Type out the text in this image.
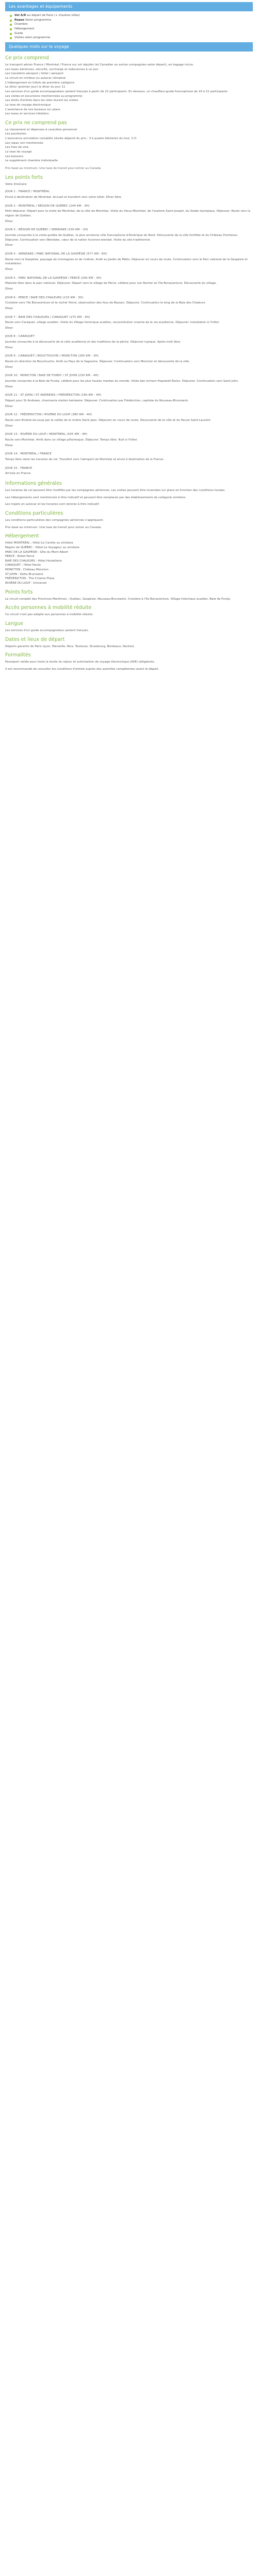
Les avantages et équipements
Vol A/R au départ de Paris (+ d'autres villes)
Repas Selon programme
Chambre
Hébergement
Guide
Visites selon programme
Quelques mots sur le voyage
Ce prix comprend
Le transport aérien France / Montréal / France sur vol régulier (et Canadian ou autres compagnies selon départ), en bagage inclus.
Les taxes aériennes, sécurité, surcharge et redevances à ce jour
Les transferts aéroport / hôtel / aéroport
Le circuit en minibus ou autocar climatisé
L'hébergement en hôtels de première catégorie
Le dîner (premier jour) le dîner du jour 11
Les services d'un guide accompagnateur parlant français à partir de 22 participants. En dessous, un chauffeur-guide francophone de 16 à 21 participants
Les visites et excursions mentionnées au programme
Les droits d'entrée dans les sites durant les visites
La taxe de voyage électronique
L'assistance de nos bureaux sur place
Les taxes et services hôteliers
Ce prix ne comprend pas
Le classement et dépenses à caractère personnel
Les pourboires
L'assurance annulation complète (durée dépend du prix : 3 à quatre éléments du tour, h.f)
Les repas non mentionnés
Les frais de visa
La taxe de voyage
Les boissons
Le supplément chambre individuelle

Prix basé au minimum. Une taxe de transit pour entrer au Canada

Les points forts

Votre itinéraire

JOUR 1 : FRANCE / MONTRÉAL
Envol à destination de Montréal. Accueil et transfert vers votre hôtel. Dîner libre.
JOUR 2 : MONTRÉAL / RÉGION DE QUÉBEC (244 KM - 3H)
Petit déjeuner. Départ pour la visite de Montréal, de la ville de Montréal. Visite du Vieux-Montréal, de l'oratoire Saint-Joseph, du Stade olympique. Déjeuner. Route vers la région de Québec.
Dîner
JOUR 3 : RÉGION DE QUÉBEC / WENDAKE (100 KM - 2H)
Journée consacrée à la visite guidée de Québec, la plus ancienne ville francophone d'Amérique du Nord. Découverte de la ville fortifiée et du Château Frontenac. Déjeuner. Continuation vers Wendake, cœur de la nation huronne-wendat. Visite du site traditionnel.
Dîner
JOUR 4 : WENDAKE / PARC NATIONAL DE LA GASPÉSIE (577 KM - 6H)
Route vers la Gaspésie, paysage de montagnes et de rivières. Arrêt au Jardin de Métis. Déjeuner en cours de route. Continuation vers le Parc national de la Gaspésie et installation.
Dîner
JOUR 5 : PARC NATIONAL DE LA GASPÉSIE / PERCÉ (290 KM - 3H)
Matinée libre dans le parc national. Déjeuner. Départ vers le village de Percé, célèbre pour son Rocher et l'île Bonaventure. Découverte du village.
Dîner
JOUR 6 : PERCÉ / BAIE DES CHALEURS (215 KM - 3H)
Croisière vers l'île Bonaventure et le rocher Percé, observation des fous de Bassan. Déjeuner. Continuation le long de la Baie des Chaleurs.
Dîner
JOUR 7 : BAIE DES CHALEURS / CARAQUET (275 KM - 3H)
Route vers Caraquet, village acadien. Visite du Village historique acadien, reconstitution vivante de la vie acadienne. Déjeuner. Installation à l'hôtel.
Dîner
JOUR 8 : CARAQUET
Journée consacrée à la découverte de la côte acadienne et des traditions de la pêche. Déjeuner typique. Après-midi libre.
Dîner
JOUR 9 : CARAQUET / BOUCTOUCHE / MONCTON (265 KM - 3H)
Route en direction de Bouctouche. Arrêt au Pays de la Sagouine. Déjeuner. Continuation vers Moncton et découverte de la ville.
Dîner
JOUR 10 : MONCTON / BAIE DE FUNDY / ST JOHN (230 KM - 4H)
Journée consacrée à la Baie de Fundy, célèbre pour les plus hautes marées du monde. Visite des rochers Hopewell Rocks. Déjeuner. Continuation vers Saint John.
Dîner
JOUR 11 : ST JOHN / ST ANDREWS / FRÉDÉRICTON (190 KM - 4H)
Départ pour St Andrews, charmante station balnéaire. Déjeuner. Continuation par Frédéricton, capitale du Nouveau-Brunswick.
Dîner
JOUR 12 : FRÉDÉRICTON / RIVIÈRE DU LOUP (380 KM - 4H)
Route vers Rivière-du-Loup par la vallée de la rivière Saint-Jean. Déjeuner en cours de route. Découverte de la ville et du fleuve Saint-Laurent.
Dîner
JOUR 13 : RIVIÈRE DU LOUP / MONTRÉAL (435 KM - 4H)
Route vers Montréal. Arrêt dans un village pittoresque. Déjeuner. Temps libre. Nuit à l'hôtel.
Dîner
JOUR 14 : MONTRÉAL / FRANCE
Temps libre selon les horaires de vol. Transfert vers l'aéroport de Montréal et envol à destination de la France.
JOUR 15 : FRANCE
Arrivée en France.
Informations générales

Les horaires de vol peuvent être modifiés par les compagnies aériennes. Les visites peuvent être inversées sur place en fonction des conditions locales.

Les hébergements sont mentionnés à titre indicatif et peuvent être remplacés par des établissements de catégorie similaire.

Les trajets en autocar et les horaires sont donnés à titre indicatif.

Conditions particulières

Les conditions particulières des compagnies aériennes s'appliquent.

Prix basé au minimum. Une taxe de transit pour entrer au Canada.

Hébergement
Hôtel MONTRÉAL : Hôtel Le Cantlie ou similaire
Région de QUÉBEC : Hôtel Le Voyageur ou similaire
PARC DE LA GASPÉSIE : Gîte du Mont Albert
PERCÉ : Riôtel Percé
BAIE DES CHALEURS : Hôtel Hostellerie
CARAQUET : Hôtel Paulin
MONCTON : Château Moncton
ST JOHN : Delta Brunswick
FRÉDÉRICTON : The Crowne Plaza
RIVIÈRE DU LOUP : Universel
Points forts

Le circuit complet des Provinces Maritimes : Québec, Gaspésie, Nouveau-Brunswick. Croisière à l'île Bonaventure, Village historique acadien, Baie de Fundy.

Accès personnes à mobilité réduite

Ce circuit n'est pas adapté aux personnes à mobilité réduite.

Langue

Les services d'un guide accompagnateur parlant français.

Dates et lieux de départ

Départs garantis de Paris (Lyon, Marseille, Nice, Toulouse, Strasbourg, Bordeaux, Nantes).

Formalités

Passeport valide pour toute la durée du séjour et autorisation de voyage électronique (AVE) obligatoire.

Il est recommandé de consulter les conditions d'entrée auprès des autorités compétentes avant le départ.
